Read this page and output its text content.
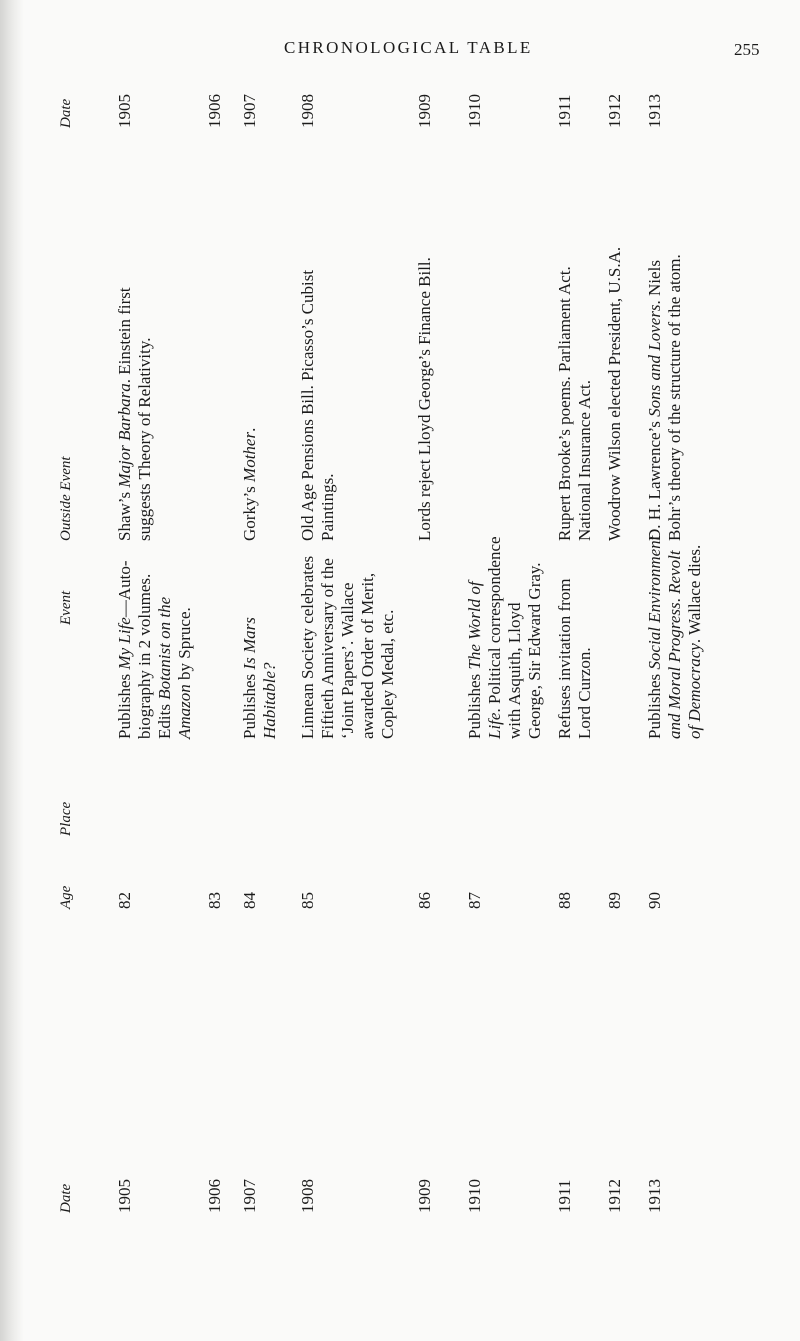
CHRONOLOGICAL TABLE	255
Date
Age
Place
Event
Outside Event
Date
1905
82
1905
Publishes My Life—Auto- biography in 2 volumes. Edits Botanist on the
Amazon by Spruce.
Shaw’s Major Barbara. Einstein first
suggests Theory of Relativity.
1906
83
1906
1907
84
1907
Publishes Is Mars
Habitable?
Gorky’s Mother.
1908
85
1908
Linnean Society celebrates Fiftieth Anniversary of the ‘Joint Papers’. Wallace awarded Order of Merit, Copley Medal, etc.
Old Age Pensions Bill. Picasso’s Cubist Paintings.
1909
86
1909
Lords reject Lloyd George’s Finance Bill.
1910
87
1910
Publishes The World of
Life. Political correspondence with Asquith, Lloyd George, Sir Edward Gray.
1911
88
1911
Refuses invitation from Lord Curzon.
Rupert Brooke’s poems. Parliament Act. National Insurance Act.
1912
89
1912
Woodrow Wilson elected President, U.S.A.
1913
90
1913
Publishes Social Environment and Moral Progress. Revolt
of Democracy. Wallace dies.
D. H. Lawrence’s Sons and Lovers. Niels Bohr’s theory of the structure of the atom.
